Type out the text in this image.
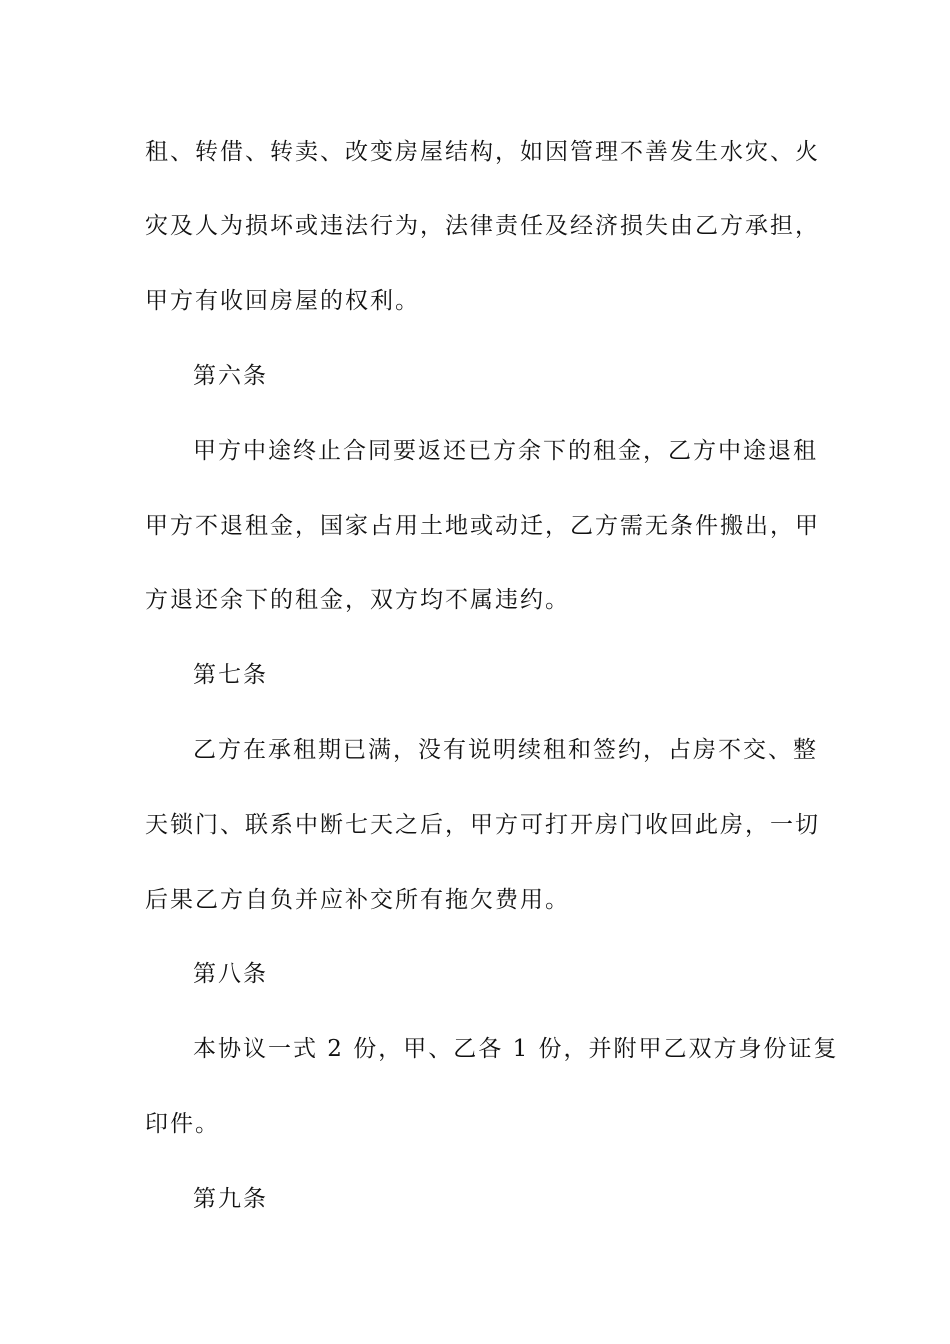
租、转借、转卖、改变房屋结构，如因管理不善发生水灾、火
灾及人为损坏或违法行为，法律责任及经济损失由乙方承担，
甲方有收回房屋的权利。
第六条
甲方中途终止合同要返还已方余下的租金，乙方中途退租
甲方不退租金，国家占用土地或动迁，乙方需无条件搬出，甲
方退还余下的租金，双方均不属违约。
第七条
乙方在承租期已满，没有说明续租和签约，占房不交、整
天锁门、联系中断七天之后，甲方可打开房门收回此房，一切
后果乙方自负并应补交所有拖欠费用。
第八条
本协议一式 2 份，甲、乙各 1 份，并附甲乙双方身份证复
印件。
第九条
